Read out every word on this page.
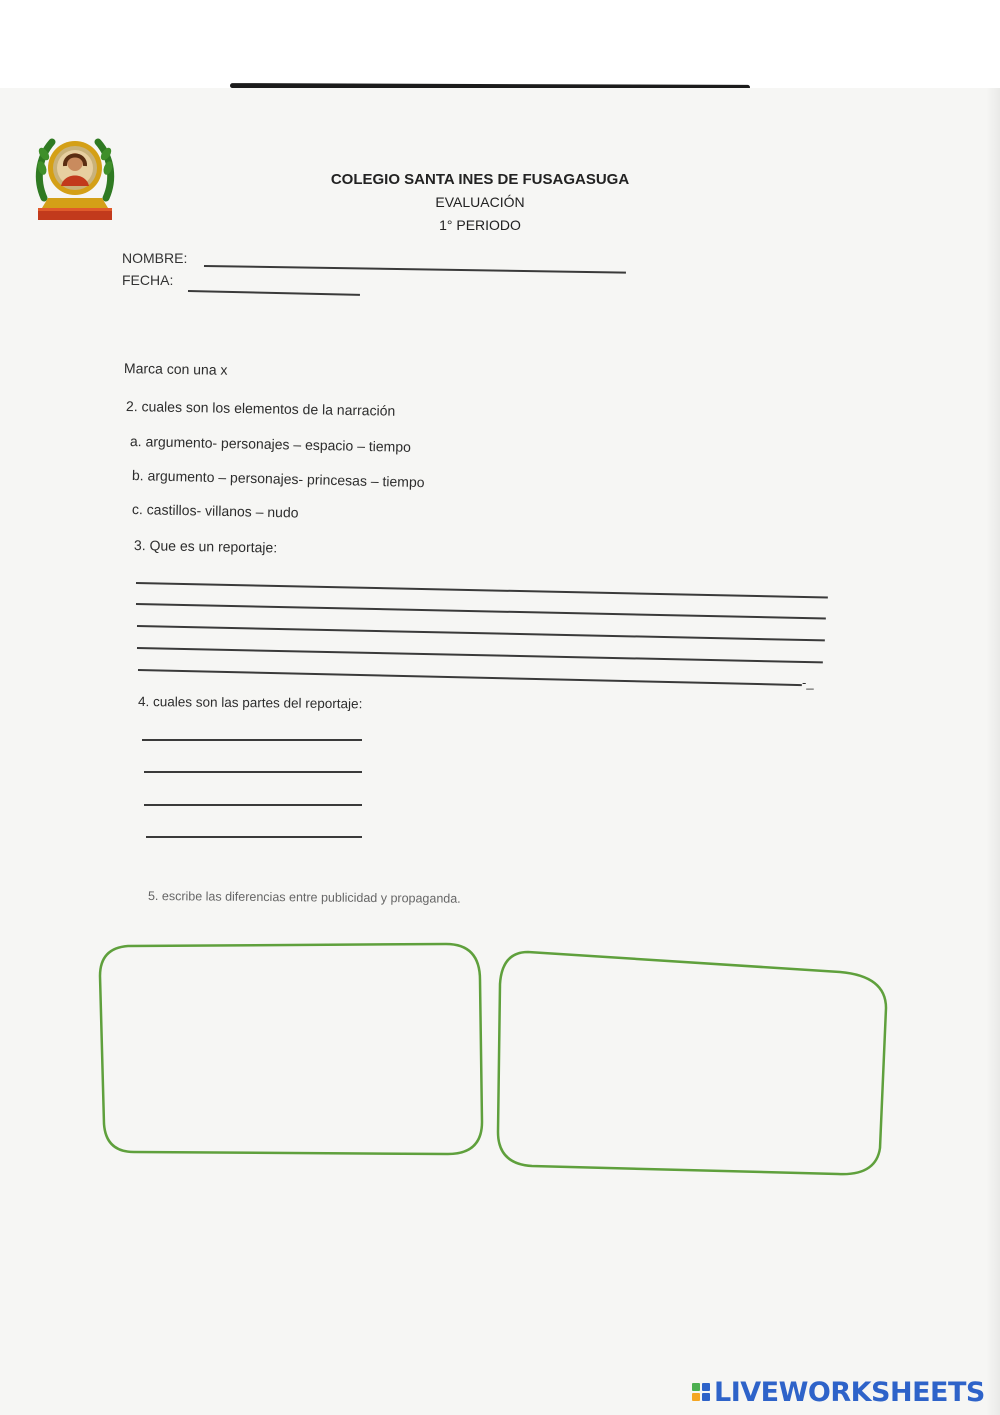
COLEGIO SANTA INES DE FUSAGASUGA
EVALUACIÓN
1° PERIODO
NOMBRE:
FECHA:
Marca con una x
2. cuales son los elementos de la narración
a. argumento- personajes – espacio – tiempo
b. argumento – personajes- princesas – tiempo
c. castillos- villanos – nudo
3. Que es un reportaje:
-_
4. cuales son las partes del reportaje:
5. escribe las diferencias entre publicidad y propaganda.
LIVEWORKSHEETS
